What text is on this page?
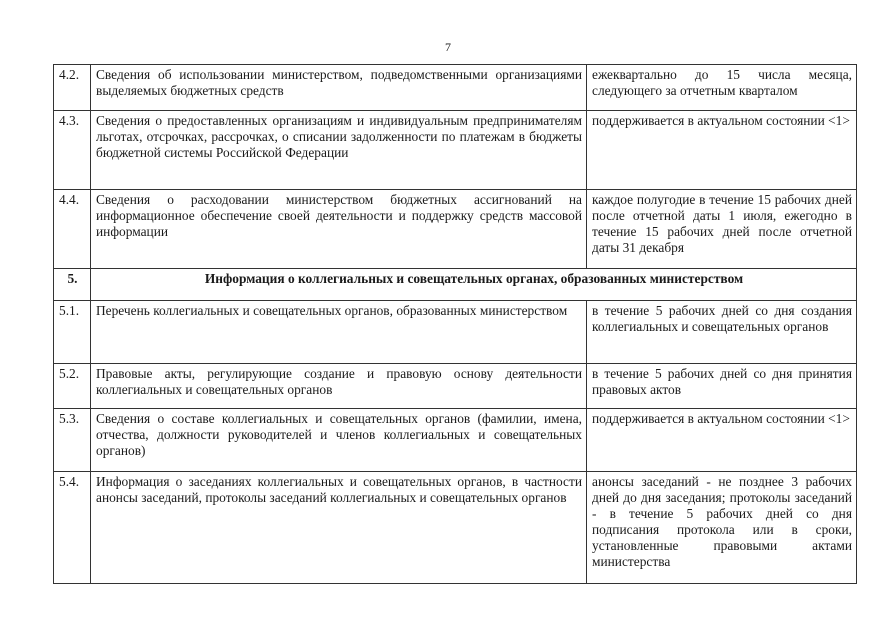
7
4.2.	Сведения об использовании министерством, подведомственными организациями выделяемых бюджетных средств	ежеквартально до 15 числа месяца, следующего за отчетным кварталом
4.3.	Сведения о предоставленных организациям и индивидуальным предпринимателям льготах, отсрочках, рассрочках, о списании задолженности по платежам в бюджеты бюджетной системы Российской Федерации	поддерживается в актуальном состоянии <1>
4.4.	Сведения о расходовании министерством бюджетных ассигнований на информационное обеспечение своей деятельности и поддержку средств массовой информации	каждое полугодие в течение 15 рабочих дней после отчетной даты 1 июля, ежегодно в течение 15 рабочих дней после отчетной даты 31 декабря
5.	Информация о коллегиальных и совещательных органах, образованных министерством	
5.1.	Перечень коллегиальных и совещательных органов, образованных министерством	в течение 5 рабочих дней со дня создания коллегиальных и совещательных органов
5.2.	Правовые акты, регулирующие создание и правовую основу деятельности коллегиальных и совещательных органов	в течение 5 рабочих дней со дня принятия правовых актов
5.3.	Сведения о составе коллегиальных и совещательных органов (фамилии, имена, отчества, должности руководителей и членов коллегиальных и совещательных органов)	поддерживается в актуальном состоянии <1>
5.4.	Информация о заседаниях коллегиальных и совещательных органов, в частности анонсы заседаний, протоколы заседаний коллегиальных и совещательных органов	анонсы заседаний - не позднее 3 рабочих дней до дня заседания; протоколы заседаний - в течение 5 рабочих дней со дня подписания протокола или в сроки, установленные правовыми актами министерства
